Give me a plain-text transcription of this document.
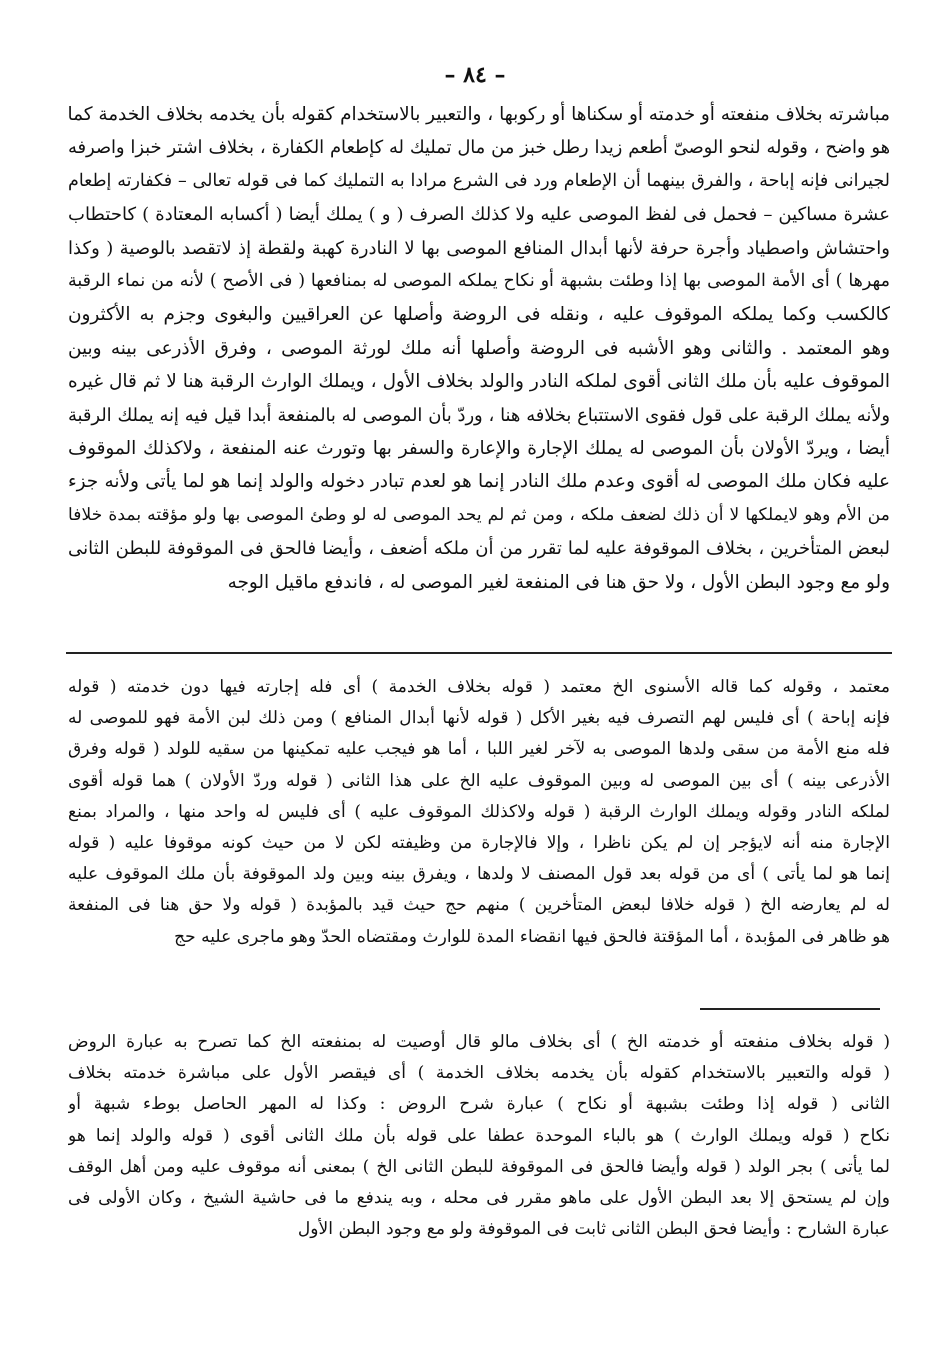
– ٨٤ –
مباشرته بخلاف منفعته أو خدمته أو سكناها أو ركوبها ، والتعبير بالاستخدام كقوله بأن يخدمه بخلاف الخدمة كما
هو واضح ، وقوله لنحو الوصىّ أطعم زيدا رطل خبز من مال تمليك له كإطعام الكفارة ، بخلاف اشتر خبزا واصرفه
لجيرانى فإنه إباحة ، والفرق بينهما أن الإطعام ورد فى الشرع مرادا به التمليك كما فى قوله تعالى – فكفارته إطعام
عشرة مساكين – فحمل فى لفظ الموصى عليه ولا كذلك الصرف ( و ) يملك أيضا ( أكسابه المعتادة ) كاحتطاب
واحتشاش واصطياد وأجرة حرفة لأنها أبدال المنافع الموصى بها لا النادرة كهبة ولقطة إذ لاتقصد بالوصية ( وكذا
مهرها ) أى الأمة الموصى بها إذا وطئت بشبهة أو نكاح يملكه الموصى له بمنافعها ( فى الأصح ) لأنه من نماء الرقبة
كالكسب وكما يملكه الموقوف عليه ، ونقله فى الروضة وأصلها عن العراقيين والبغوى وجزم به الأكثرون
وهو المعتمد . والثانى وهو الأشبه فى الروضة وأصلها أنه ملك لورثة الموصى ، وفرق الأذرعى بينه وبين
الموقوف عليه بأن ملك الثانى أقوى لملكه النادر والولد بخلاف الأول ، ويملك الوارث الرقبة هنا لا ثم قال غيره
ولأنه يملك الرقبة على قول فقوى الاستتباع بخلافه هنا ، وردّ بأن الموصى له بالمنفعة أبدا قيل فيه إنه يملك الرقبة
أيضا ، ويردّ الأولان بأن الموصى له يملك الإجارة والإعارة والسفر بها وتورث عنه المنفعة ، ولاكذلك الموقوف
عليه فكان ملك الموصى له أقوى وعدم ملك النادر إنما هو لعدم تبادر دخوله والولد إنما هو لما يأتى ولأنه جزء
من الأم وهو لايملكها لا أن ذلك لضعف ملكه ، ومن ثم لم يحد الموصى له لو وطئ الموصى بها ولو مؤقته بمدة خلافا
لبعض المتأخرين ، بخلاف الموقوفة عليه لما تقرر من أن ملكه أضعف ، وأيضا فالحق فى الموقوفة للبطن الثانى
ولو مع وجود البطن الأول ، ولا حق هنا فى المنفعة لغير الموصى له ، فاندفع ماقيل الوجه
معتمد ، وقوله كما قاله الأسنوى الخ معتمد ( قوله بخلاف الخدمة ) أى فله إجارته فيها دون خدمته ( قوله
فإنه إباحة ) أى فليس لهم التصرف فيه بغير الأكل ( قوله لأنها أبدال المنافع ) ومن ذلك لبن الأمة فهو للموصى له
فله منع الأمة من سقى ولدها الموصى به لآخر لغير اللبا ، أما هو فيجب عليه تمكينها من سقيه للولد ( قوله وفرق
الأذرعى بينه ) أى بين الموصى له وبين الموقوف عليه الخ على هذا الثانى ( قوله وردّ الأولان ) هما قوله أقوى
لملكه النادر وقوله ويملك الوارث الرقبة ( قوله ولاكذلك الموقوف عليه ) أى فليس له واحد منها ، والمراد بمنع
الإجارة منه أنه لايؤجر إن لم يكن ناظرا ، وإلا فالإجارة من وظيفته لكن لا من حيث كونه موقوفا عليه ( قوله
إنما هو لما يأتى ) أى من قوله بعد قول المصنف لا ولدها ، ويفرق بينه وبين ولد الموقوفة بأن ملك الموقوف عليه
له لم يعارضه الخ ( قوله خلافا لبعض المتأخرين ) منهم حج حيث قيد بالمؤبدة ( قوله ولا حق هنا فى المنفعة
هو ظاهر فى المؤبدة ، أما المؤقتة فالحق فيها انقضاء المدة للوارث ومقتضاه الحدّ وهو ماجرى عليه حج
( قوله بخلاف منفعته أو خدمته الخ ) أى بخلاف مالو قال أوصيت له بمنفعته الخ كما تصرح به عبارة الروض
( قوله والتعبير بالاستخدام كقوله بأن يخدمه بخلاف الخدمة ) أى فيقصر الأول على مباشرة خدمته بخلاف
الثانى ( قوله إذا وطئت بشبهة أو نكاح ) عبارة شرح الروض : وكذا له المهر الحاصل بوطء شبهة أو
نكاح ( قوله ويملك الوارث ) هو بالباء الموحدة عطفا على قوله بأن ملك الثانى أقوى ( قوله والولد إنما هو
لما يأتى ) بجر الولد ( قوله وأيضا فالحق فى الموقوفة للبطن الثانى الخ ) بمعنى أنه موقوف عليه ومن أهل الوقف
وإن لم يستحق إلا بعد البطن الأول على ماهو مقرر فى محله ، وبه يندفع ما فى حاشية الشيخ ، وكان الأولى فى
عبارة الشارح : وأيضا فحق البطن الثانى ثابت فى الموقوفة ولو مع وجود البطن الأول
